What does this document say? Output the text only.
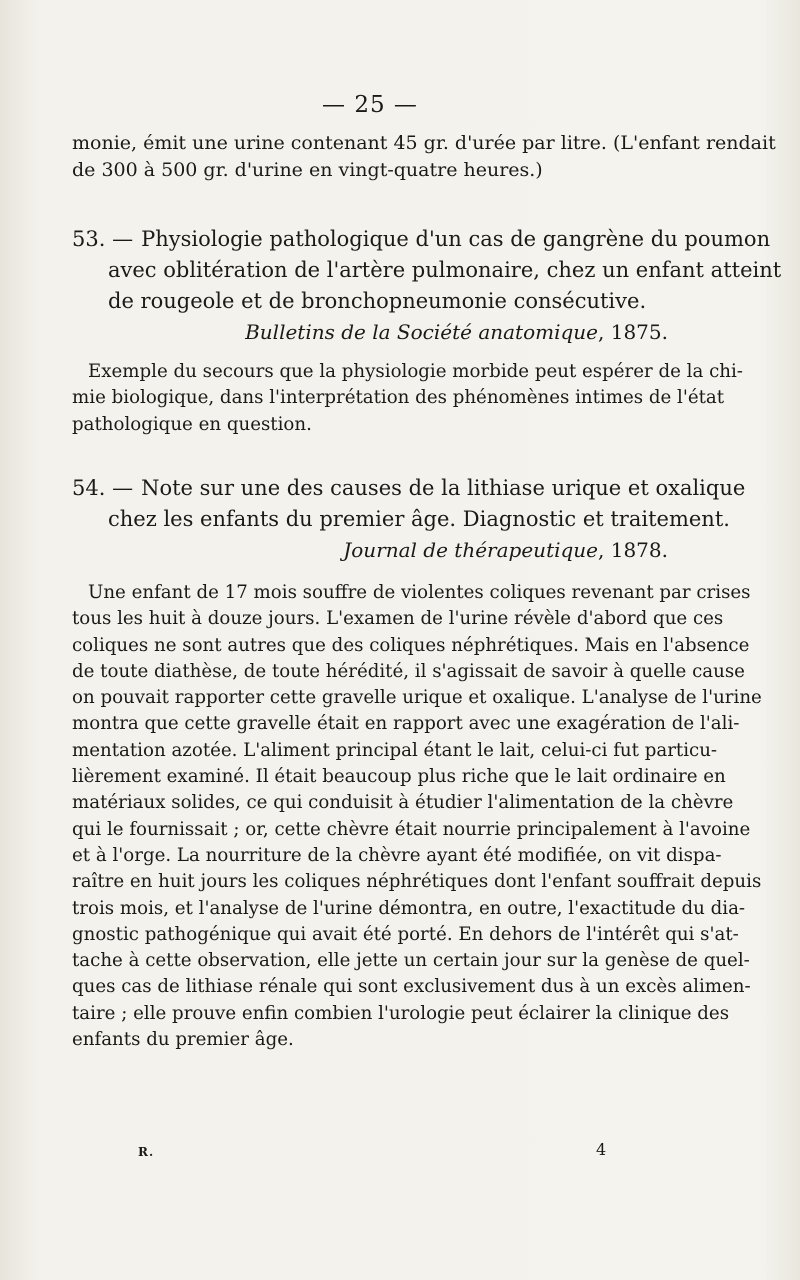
— 25 —
monie, émit une urine contenant 45 gr. d'urée par litre. (L'enfant rendait
de 300 à 500 gr. d'urine en vingt-quatre heures.)
53. — Physiologie pathologique d'un cas de gangrène du poumon
avec oblitération de l'artère pulmonaire, chez un enfant atteint
de rougeole et de bronchopneumonie consécutive.
Bulletins de la Société anatomique, 1875.
Exemple du secours que la physiologie morbide peut espérer de la chi-
mie biologique, dans l'interprétation des phénomènes intimes de l'état
pathologique en question.
54. — Note sur une des causes de la lithiase urique et oxalique
chez les enfants du premier âge. Diagnostic et traitement.
Journal de thérapeutique, 1878.
Une enfant de 17 mois souffre de violentes coliques revenant par crises
tous les huit à douze jours. L'examen de l'urine révèle d'abord que ces
coliques ne sont autres que des coliques néphrétiques. Mais en l'absence
de toute diathèse, de toute hérédité, il s'agissait de savoir à quelle cause
on pouvait rapporter cette gravelle urique et oxalique. L'analyse de l'urine
montra que cette gravelle était en rapport avec une exagération de l'ali-
mentation azotée. L'aliment principal étant le lait, celui-ci fut particu-
lièrement examiné. Il était beaucoup plus riche que le lait ordinaire en
matériaux solides, ce qui conduisit à étudier l'alimentation de la chèvre
qui le fournissait ; or, cette chèvre était nourrie principalement à l'avoine
et à l'orge. La nourriture de la chèvre ayant été modifiée, on vit dispa-
raître en huit jours les coliques néphrétiques dont l'enfant souffrait depuis
trois mois, et l'analyse de l'urine démontra, en outre, l'exactitude du dia-
gnostic pathogénique qui avait été porté. En dehors de l'intérêt qui s'at-
tache à cette observation, elle jette un certain jour sur la genèse de quel-
ques cas de lithiase rénale qui sont exclusivement dus à un excès alimen-
taire ; elle prouve enfin combien l'urologie peut éclairer la clinique des
enfants du premier âge.
R.	4
